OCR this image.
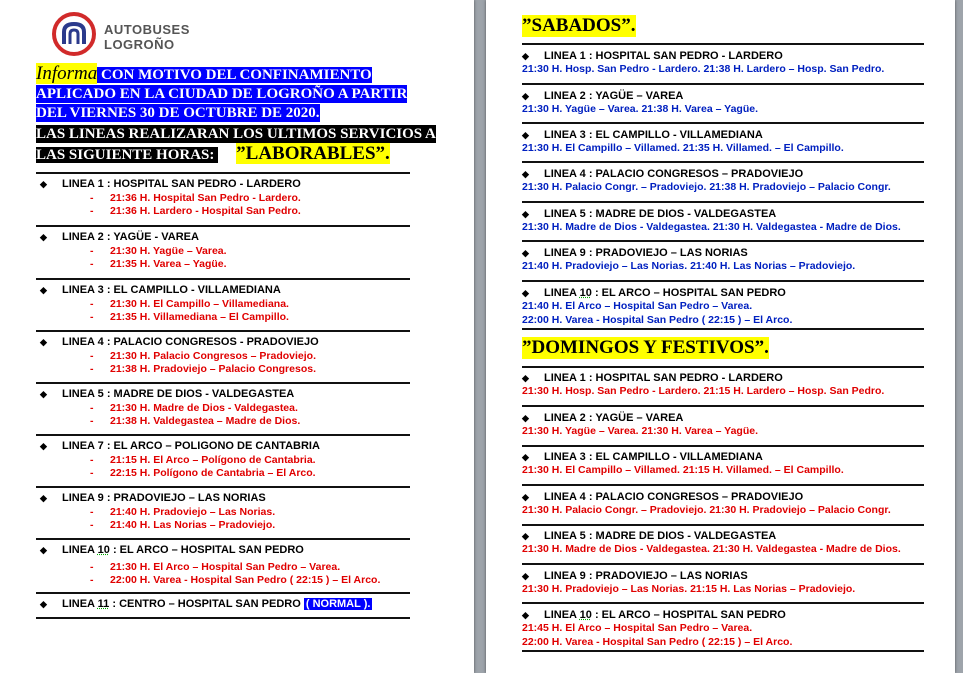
AUTOBUSES
LOGROÑO
Informa CON MOTIVO DEL CONFINAMIENTO
APLICADO EN LA CIUDAD DE LOGROÑO A PARTIR
DEL VIERNES 30 DE OCTUBRE DE 2020.
LAS LINEAS REALIZARAN LOS ULTIMOS SERVICIOS A
LAS SIGUIENTE HORAS: ”LABORABLES”.
◆ LINEA 1 : HOSPITAL SAN PEDRO - LARDERO
- 21:36 H. Hospital San Pedro - Lardero.
- 21:36 H. Lardero - Hospital San Pedro.
◆ LINEA 2 : YAGÜE - VAREA
- 21:30 H. Yagüe – Varea.
- 21:35 H. Varea – Yagüe.
◆ LINEA 3 : EL CAMPILLO - VILLAMEDIANA
- 21:30 H. El Campillo – Villamediana.
- 21:35 H. Villamediana – El Campillo.
◆ LINEA 4 : PALACIO CONGRESOS - PRADOVIEJO
- 21:30 H. Palacio Congresos – Pradoviejo.
- 21:38 H. Pradoviejo – Palacio Congresos.
◆ LINEA 5 : MADRE DE DIOS - VALDEGASTEA
- 21:30 H. Madre de Dios - Valdegastea.
- 21:38 H. Valdegastea – Madre de Dios.
◆ LINEA 7 : EL ARCO – POLIGONO DE CANTABRIA
- 21:15 H. El Arco – Polígono de Cantabria.
- 22:15 H. Polígono de Cantabria – El Arco.
◆ LINEA 9 : PRADOVIEJO – LAS NORIAS
- 21:40 H. Pradoviejo – Las Norias.
- 21:40 H. Las Norias – Pradoviejo.
◆ LINEA 10 : EL ARCO – HOSPITAL SAN PEDRO
- 21:30 H. El Arco – Hospital San Pedro – Varea.
- 22:00 H. Varea - Hospital San Pedro ( 22:15 ) – El Arco.
◆ LINEA 11 : CENTRO – HOSPITAL SAN PEDRO ( NORMAL ).
”SABADOS”.
◆ LINEA 1 : HOSPITAL SAN PEDRO - LARDERO
21:30 H. Hosp. San Pedro - Lardero. 21:38 H. Lardero – Hosp. San Pedro.
◆ LINEA 2 : YAGÜE – VAREA
21:30 H. Yagüe – Varea. 21:38 H. Varea – Yagüe.
◆ LINEA 3 : EL CAMPILLO - VILLAMEDIANA
21:30 H. El Campillo – Villamed. 21:35 H. Villamed. – El Campillo.
◆ LINEA 4 : PALACIO CONGRESOS – PRADOVIEJO
21:30 H. Palacio Congr. – Pradoviejo. 21:38 H. Pradoviejo – Palacio Congr.
◆ LINEA 5 : MADRE DE DIOS - VALDEGASTEA
21:30 H. Madre de Dios - Valdegastea. 21:30 H. Valdegastea - Madre de Dios.
◆ LINEA 9 : PRADOVIEJO – LAS NORIAS
21:40 H. Pradoviejo – Las Norias. 21:40 H. Las Norias – Pradoviejo.
◆ LINEA 10 : EL ARCO – HOSPITAL SAN PEDRO
21:40 H. El Arco – Hospital San Pedro – Varea.
22:00 H. Varea - Hospital San Pedro ( 22:15 ) – El Arco.
”DOMINGOS Y FESTIVOS”.
◆ LINEA 1 : HOSPITAL SAN PEDRO - LARDERO
21:30 H. Hosp. San Pedro - Lardero. 21:15 H. Lardero – Hosp. San Pedro.
◆ LINEA 2 : YAGÜE – VAREA
21:30 H. Yagüe – Varea. 21:30 H. Varea – Yagüe.
◆ LINEA 3 : EL CAMPILLO - VILLAMEDIANA
21:30 H. El Campillo – Villamed. 21:15 H. Villamed. – El Campillo.
◆ LINEA 4 : PALACIO CONGRESOS – PRADOVIEJO
21:30 H. Palacio Congr. – Pradoviejo. 21:30 H. Pradoviejo – Palacio Congr.
◆ LINEA 5 : MADRE DE DIOS - VALDEGASTEA
21:30 H. Madre de Dios - Valdegastea. 21:30 H. Valdegastea - Madre de Dios.
◆ LINEA 9 : PRADOVIEJO – LAS NORIAS
21:30 H. Pradoviejo – Las Norias. 21:15 H. Las Norias – Pradoviejo.
◆ LINEA 10 : EL ARCO – HOSPITAL SAN PEDRO
21:45 H. El Arco – Hospital San Pedro – Varea.
22:00 H. Varea - Hospital San Pedro ( 22:15 ) – El Arco.
